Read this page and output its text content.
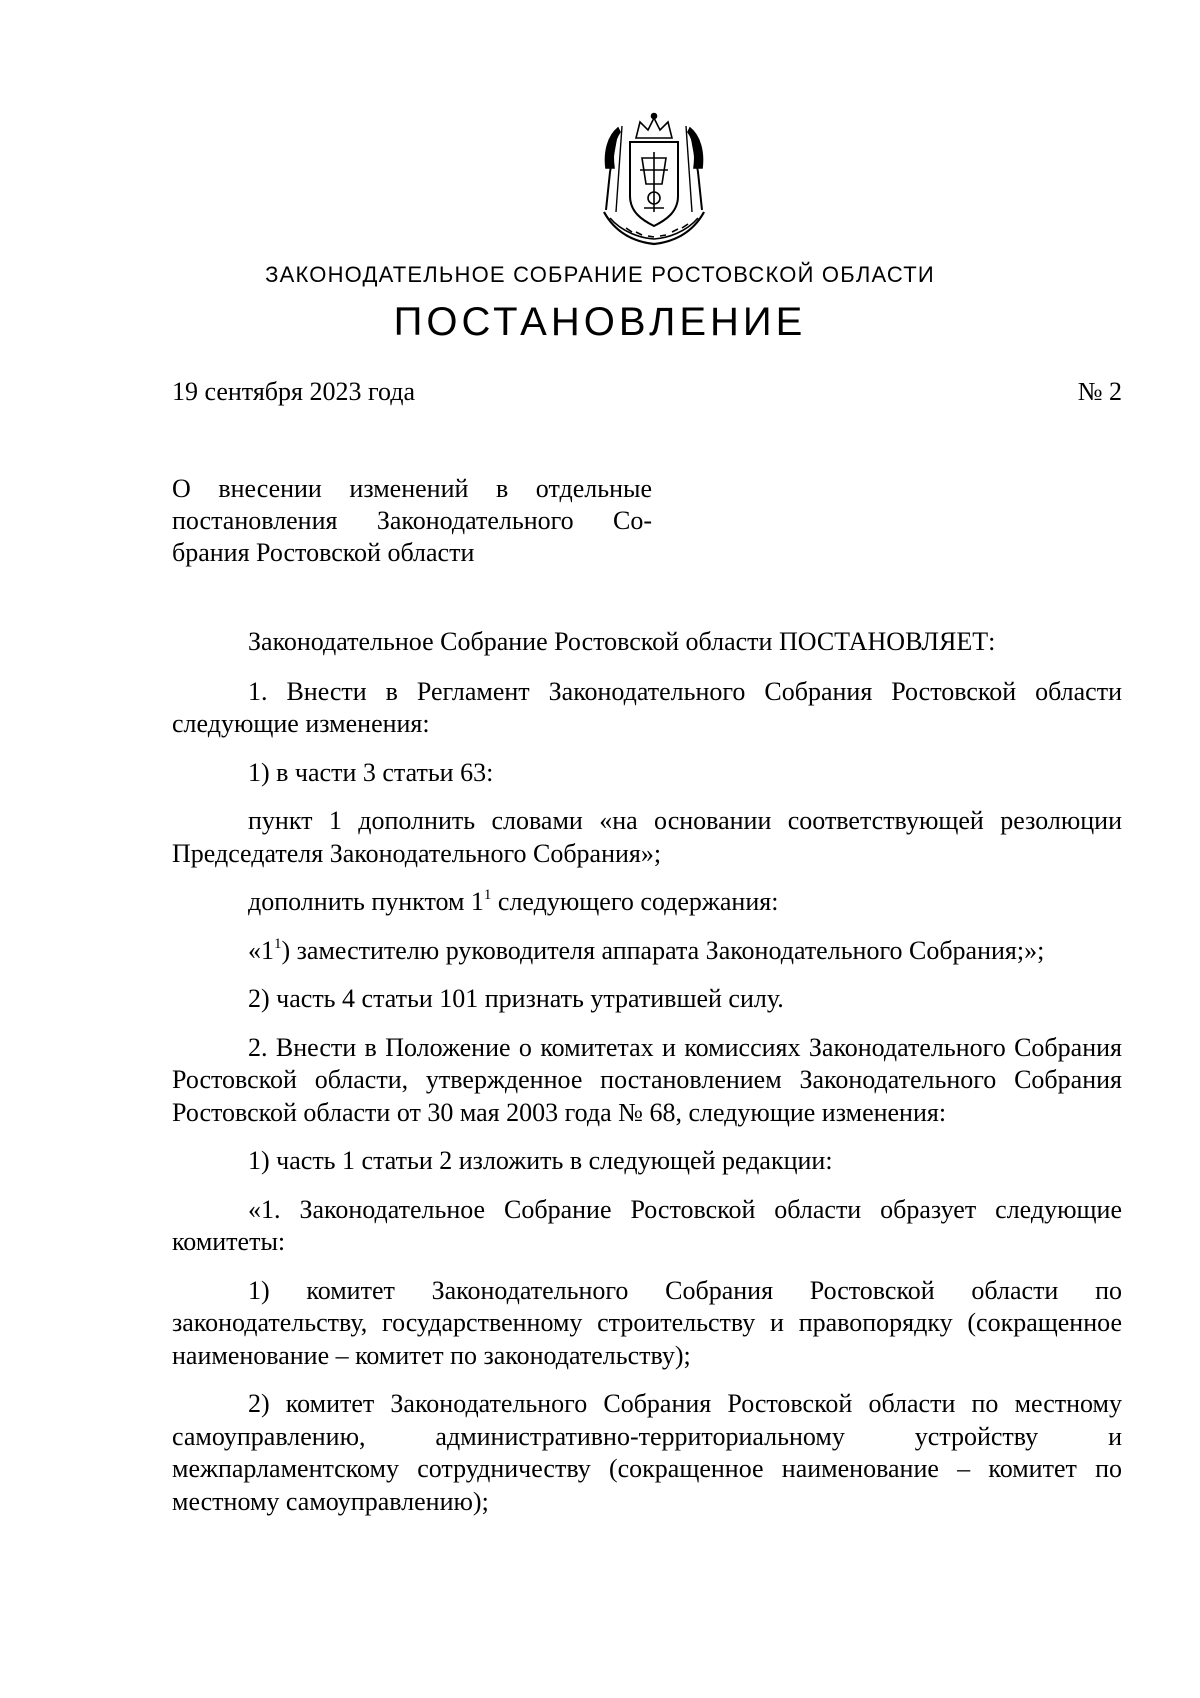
ЗАКОНОДАТЕЛЬНОЕ СОБРАНИЕ РОСТОВСКОЙ ОБЛАСТИ
ПОСТАНОВЛЕНИЕ
19 сентября 2023 года	№ 2
О внесении изменений в отдельные
постановления Законодательного Со-
брания Ростовской области

Законодательное Собрание Ростовской области ПОСТАНОВЛЯЕТ:

1. Внести в Регламент Законодательного Собрания Ростовской области следующие изменения:

1) в части 3 статьи 63:

пункт 1 дополнить словами «на основании соответствующей резолюции Председателя Законодательного Собрания»;

дополнить пунктом $1^1$ следующего содержания:

«$1^1$) заместителю руководителя аппарата Законодательного Собрания;»;

2) часть 4 статьи 101 признать утратившей силу.

2. Внести в Положение о комитетах и комиссиях Законодательного Собрания Ростовской области, утвержденное постановлением Законодательного Собрания Ростовской области от 30 мая 2003 года № 68, следующие изменения:

1) часть 1 статьи 2 изложить в следующей редакции:

«1. Законодательное Собрание Ростовской области образует следующие комитеты:

1) комитет Законодательного Собрания Ростовской области по законодательству, государственному строительству и правопорядку (сокращенное наименование – комитет по законодательству);

2) комитет Законодательного Собрания Ростовской области по местному самоуправлению, административно-территориальному устройству и межпарламентскому сотрудничеству (сокращенное наименование – комитет по местному самоуправлению);
